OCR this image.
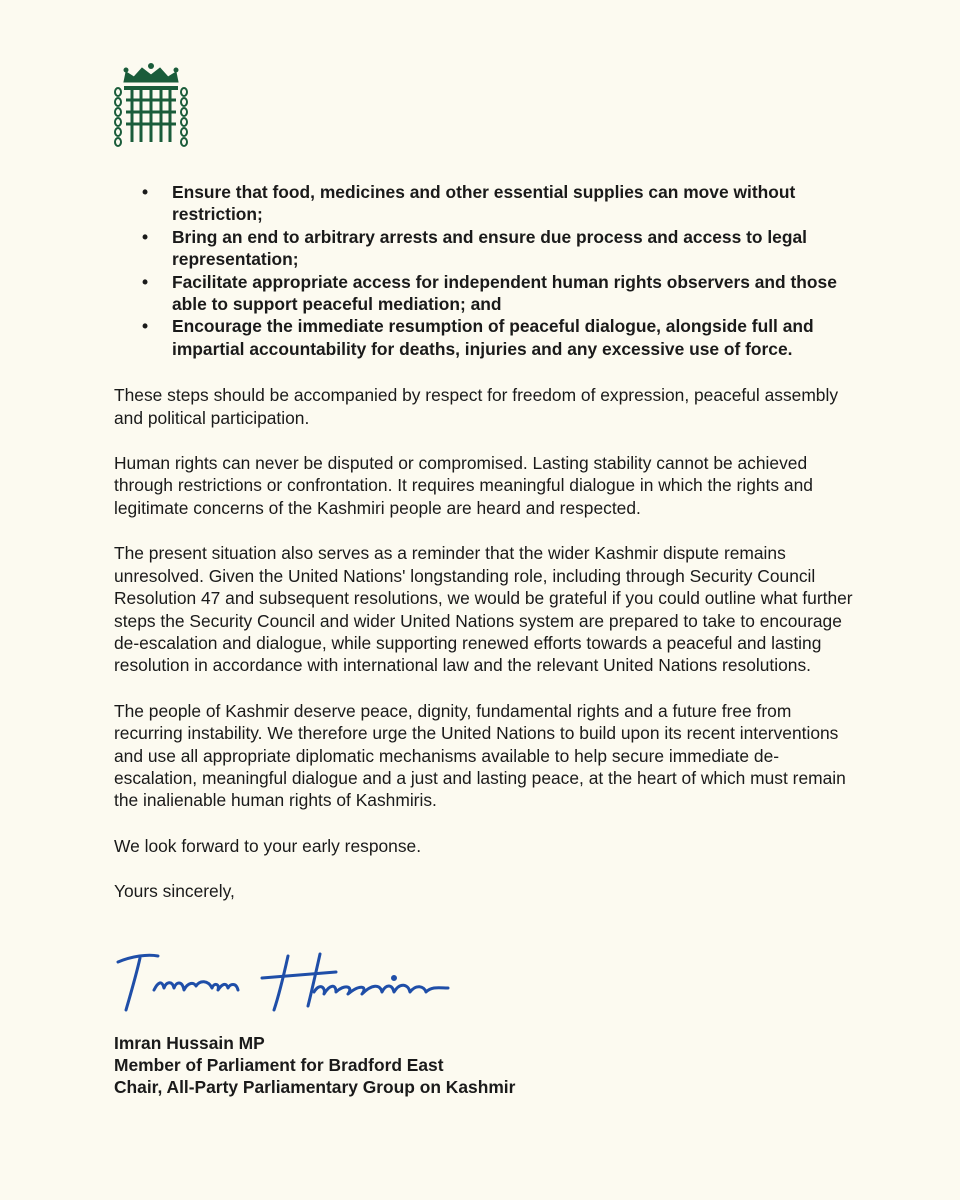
• Ensure that food, medicines and other essential supplies can move without restriction;
• Bring an end to arbitrary arrests and ensure due process and access to legal representation;
• Facilitate appropriate access for independent human rights observers and those able to support peaceful mediation; and
• Encourage the immediate resumption of peaceful dialogue, alongside full and impartial accountability for deaths, injuries and any excessive use of force.

These steps should be accompanied by respect for freedom of expression, peaceful assembly and political participation.

Human rights can never be disputed or compromised. Lasting stability cannot be achieved through restrictions or confrontation. It requires meaningful dialogue in which the rights and legitimate concerns of the Kashmiri people are heard and respected.

The present situation also serves as a reminder that the wider Kashmir dispute remains unresolved. Given the United Nations' longstanding role, including through Security Council Resolution 47 and subsequent resolutions, we would be grateful if you could outline what further steps the Security Council and wider United Nations system are prepared to take to encourage de-escalation and dialogue, while supporting renewed efforts towards a peaceful and lasting resolution in accordance with international law and the relevant United Nations resolutions.

The people of Kashmir deserve peace, dignity, fundamental rights and a future free from recurring instability. We therefore urge the United Nations to build upon its recent interventions and use all appropriate diplomatic mechanisms available to help secure immediate de-escalation, meaningful dialogue and a just and lasting peace, at the heart of which must remain the inalienable human rights of Kashmiris.

We look forward to your early response.

Yours sincerely,

Imran Hussain MP
Member of Parliament for Bradford East
Chair, All-Party Parliamentary Group on Kashmir
